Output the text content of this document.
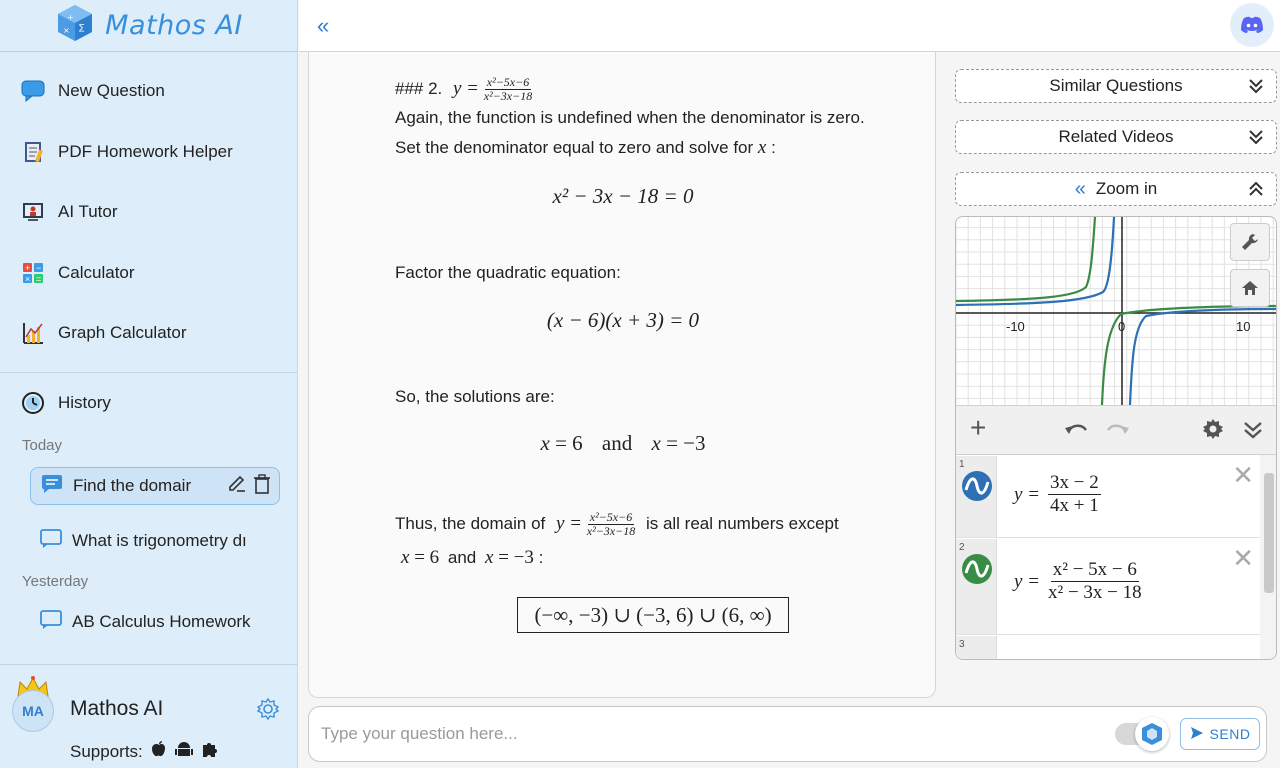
+
∑
× Mathos AI
New Question
PDF Homework Helper
AI Tutor
+ −
× = Calculator
Graph Calculator
History
Today
Find the domair
What is trigonometry dı
Yesterday
AB Calculus Homework
MA	Mathos AI
Supports:
«
### 2. $y = \frac{\text{x²−5x−6}}{\text{x²−3x−18}}$
Again, the function is undefined when the denominator is zero.
Set the denominator equal to zero and solve for x :
x² − 3x − 18 = 0
Factor the quadratic equation:
(x − 6)(x + 3) = 0
So, the solutions are:
x = 6 and x = −3
Thus, the domain of $y = \frac{\text{x²−5x−6}}{\text{x²−3x−18}}$ is all real numbers except
x = 6 and x = −3 :
(−∞, −3) ∪ (−3, 6) ∪ (6, ∞)
Similar Questions
Related Videos
« Zoom in
-10	0	10
+
1
$y = \frac{3x - 2}{4x + 1}$	✕
2
$y = \frac{\text{x² − 5x − 6}}{\text{x² − 3x − 18}}$
✕
3
Type your question here...
SEND
